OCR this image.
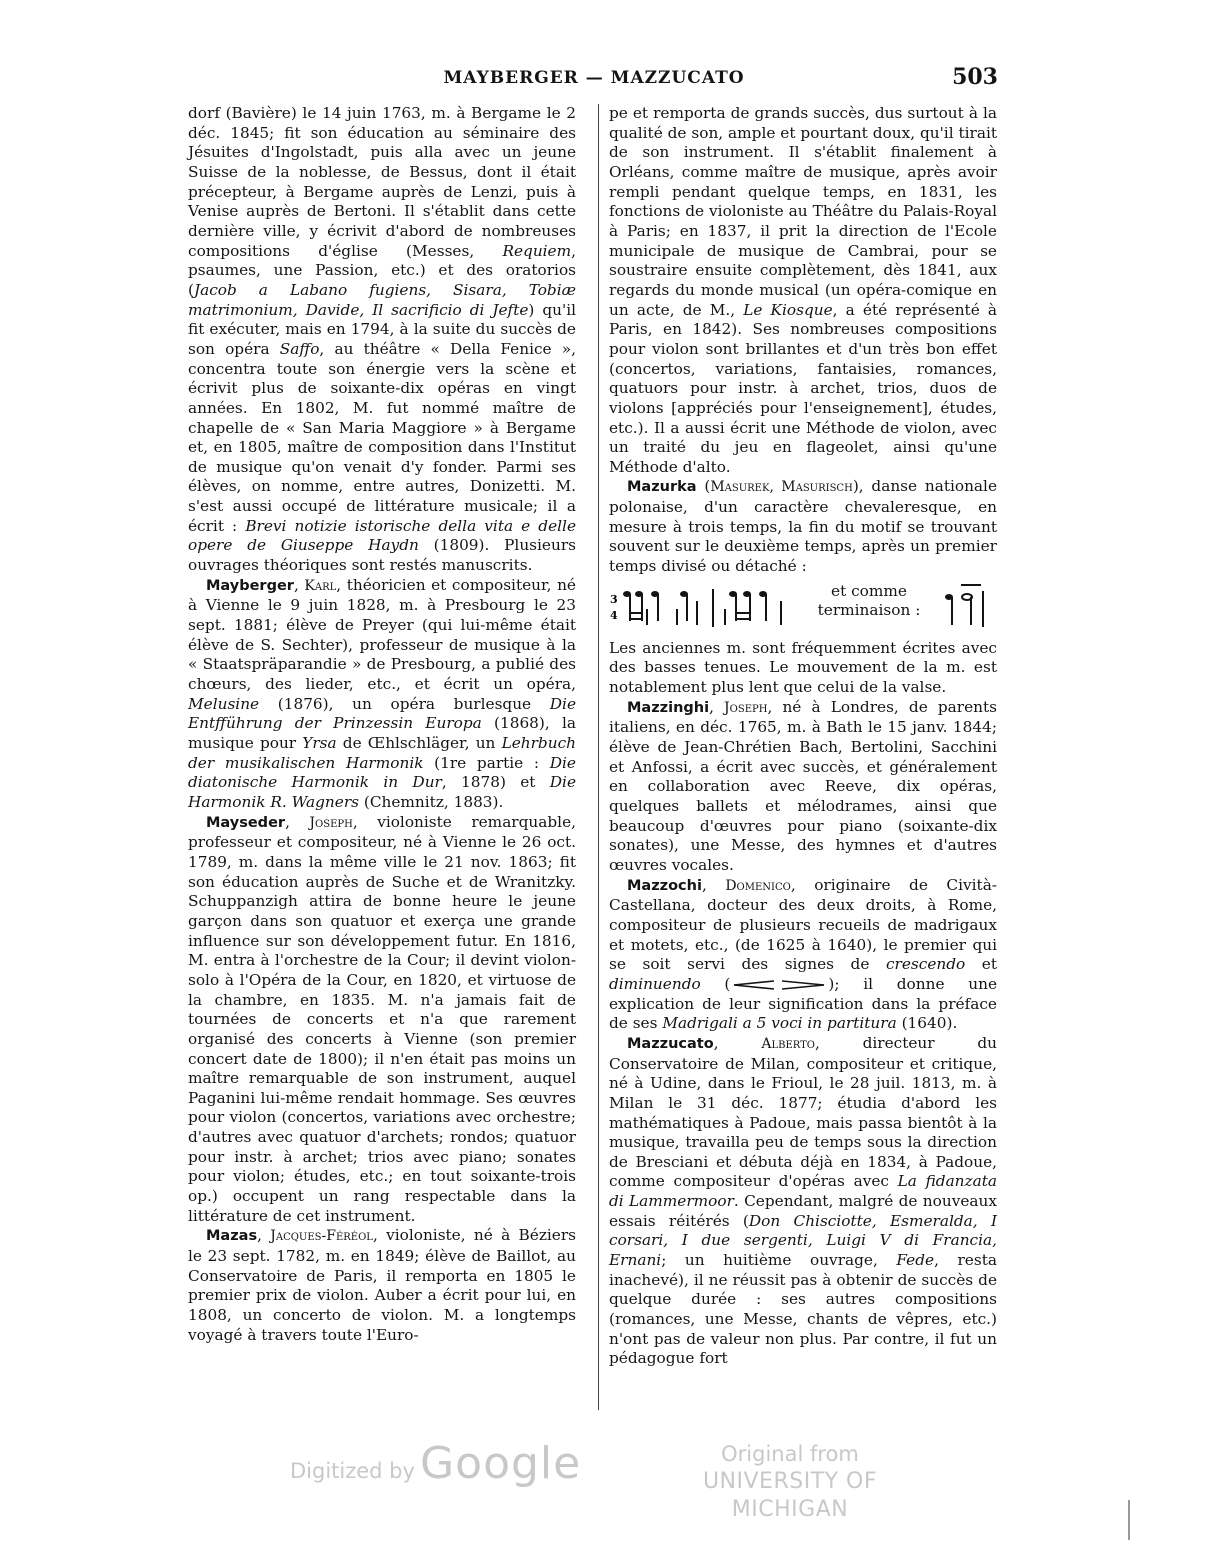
MAYBERGER — MAZZUCATO	503

dorf (Bavière) le 14 juin 1763, m. à Bergame le 2 déc. 1845; fit son éducation au séminaire des Jésuites d'Ingolstadt, puis alla avec un jeune Suisse de la noblesse, de Bessus, dont il était précepteur, à Bergame auprès de Lenzi, puis à Venise auprès de Bertoni. Il s'établit dans cette dernière ville, y écrivit d'abord de nombreuses compositions d'église (Messes, Requiem, psaumes, une Passion, etc.) et des oratorios (Jacob a Labano fugiens, Sisara, Tobiæ matrimonium, Davide, Il sacrificio di Jefte) qu'il fit exécuter, mais en 1794, à la suite du succès de son opéra Saffo, au théâtre « Della Fenice », concentra toute son énergie vers la scène et écrivit plus de soixante-dix opéras en vingt années. En 1802, M. fut nommé maître de chapelle de « San Maria Maggiore » à Bergame et, en 1805, maître de composition dans l'Institut de musique qu'on venait d'y fonder. Parmi ses élèves, on nomme, entre autres, Donizetti. M. s'est aussi occupé de littérature musicale; il a écrit : Brevi notizie istorische della vita e delle opere de Giuseppe Haydn (1809). Plusieurs ouvrages théoriques sont restés manuscrits.

Mayberger, Karl, théoricien et compositeur, né à Vienne le 9 juin 1828, m. à Presbourg le 23 sept. 1881; élève de Preyer (qui lui-même était élève de S. Sechter), professeur de musique à la « Staatspräparandie » de Presbourg, a publié des chœurs, des lieder, etc., et écrit un opéra, Melusine (1876), un opéra burlesque Die Entfführung der Prinzessin Europa (1868), la musique pour Yrsa de Œhlschläger, un Lehrbuch der musikalischen Harmonik (1re partie : Die diatonische Harmonik in Dur, 1878) et Die Harmonik R. Wagners (Chemnitz, 1883).

Mayseder, Joseph, violoniste remarquable, professeur et compositeur, né à Vienne le 26 oct. 1789, m. dans la même ville le 21 nov. 1863; fit son éducation auprès de Suche et de Wranitzky. Schuppanzigh attira de bonne heure le jeune garçon dans son quatuor et exerça une grande influence sur son développement futur. En 1816, M. entra à l'orchestre de la Cour; il devint violon-solo à l'Opéra de la Cour, en 1820, et virtuose de la chambre, en 1835. M. n'a jamais fait de tournées de concerts et n'a que rarement organisé des concerts à Vienne (son premier concert date de 1800); il n'en était pas moins un maître remarquable de son instrument, auquel Paganini lui-même rendait hommage. Ses œuvres pour violon (concertos, variations avec orchestre; d'autres avec quatuor d'archets; rondos; quatuor pour instr. à archet; trios avec piano; sonates pour violon; études, etc.; en tout soixante-trois op.) occupent un rang respectable dans la littérature de cet instrument.

Mazas, Jacques-Féréol, violoniste, né à Béziers le 23 sept. 1782, m. en 1849; élève de Baillot, au Conservatoire de Paris, il remporta en 1805 le premier prix de violon. Auber a écrit pour lui, en 1808, un concerto de violon. M. a longtemps voyagé à travers toute l'Euro-

pe et remporta de grands succès, dus surtout à la qualité de son, ample et pourtant doux, qu'il tirait de son instrument. Il s'établit finalement à Orléans, comme maître de musique, après avoir rempli pendant quelque temps, en 1831, les fonctions de violoniste au Théâtre du Palais-Royal à Paris; en 1837, il prit la direction de l'Ecole municipale de musique de Cambrai, pour se soustraire ensuite complètement, dès 1841, aux regards du monde musical (un opéra-comique en un acte, de M., Le Kiosque, a été représenté à Paris, en 1842). Ses nombreuses compositions pour violon sont brillantes et d'un très bon effet (concertos, variations, fantaisies, romances, quatuors pour instr. à archet, trios, duos de violons [appréciés pour l'enseignement], études, etc.). Il a aussi écrit une Méthode de violon, avec un traité du jeu en flageolet, ainsi qu'une Méthode d'alto.

Mazurka (Masurek, Masurisch), danse nationale polonaise, d'un caractère chevaleresque, en mesure à trois temps, la fin du motif se trouvant souvent sur le deuxième temps, après un premier temps divisé ou détaché :

3
4
et comme terminaison :

Les anciennes m. sont fréquemment écrites avec des basses tenues. Le mouvement de la m. est notablement plus lent que celui de la valse.

Mazzinghi, Joseph, né à Londres, de parents italiens, en déc. 1765, m. à Bath le 15 janv. 1844; élève de Jean-Chrétien Bach, Bertolini, Sacchini et Anfossi, a écrit avec succès, et généralement en collaboration avec Reeve, dix opéras, quelques ballets et mélodrames, ainsi que beaucoup d'œuvres pour piano (soixante-dix sonates), une Messe, des hymnes et d'autres œuvres vocales.

Mazzochi, Domenico, originaire de Cività-Castellana, docteur des deux droits, à Rome, compositeur de plusieurs recueils de madrigaux et motets, etc., (de 1625 à 1640), le premier qui se soit servi des signes de crescendo et diminuendo (	); il donne une explication de leur signification dans la préface de ses Madrigali a 5 voci in partitura (1640).

Mazzucato, Alberto, directeur du Conservatoire de Milan, compositeur et critique, né à Udine, dans le Frioul, le 28 juil. 1813, m. à Milan le 31 déc. 1877; étudia d'abord les mathématiques à Padoue, mais passa bientôt à la musique, travailla peu de temps sous la direction de Bresciani et débuta déjà en 1834, à Padoue, comme compositeur d'opéras avec La fidanzata di Lammermoor. Cependant, malgré de nouveaux essais réitérés (Don Chisciotte, Esmeralda, I corsari, I due sergenti, Luigi V di Francia, Ernani; un huitième ouvrage, Fede, resta inachevé), il ne réussit pas à obtenir de succès de quelque durée : ses autres compositions (romances, une Messe, chants de vêpres, etc.) n'ont pas de valeur non plus. Par contre, il fut un pédagogue fort

Digitized by Google	Original from
UNIVERSITY OF MICHIGAN
